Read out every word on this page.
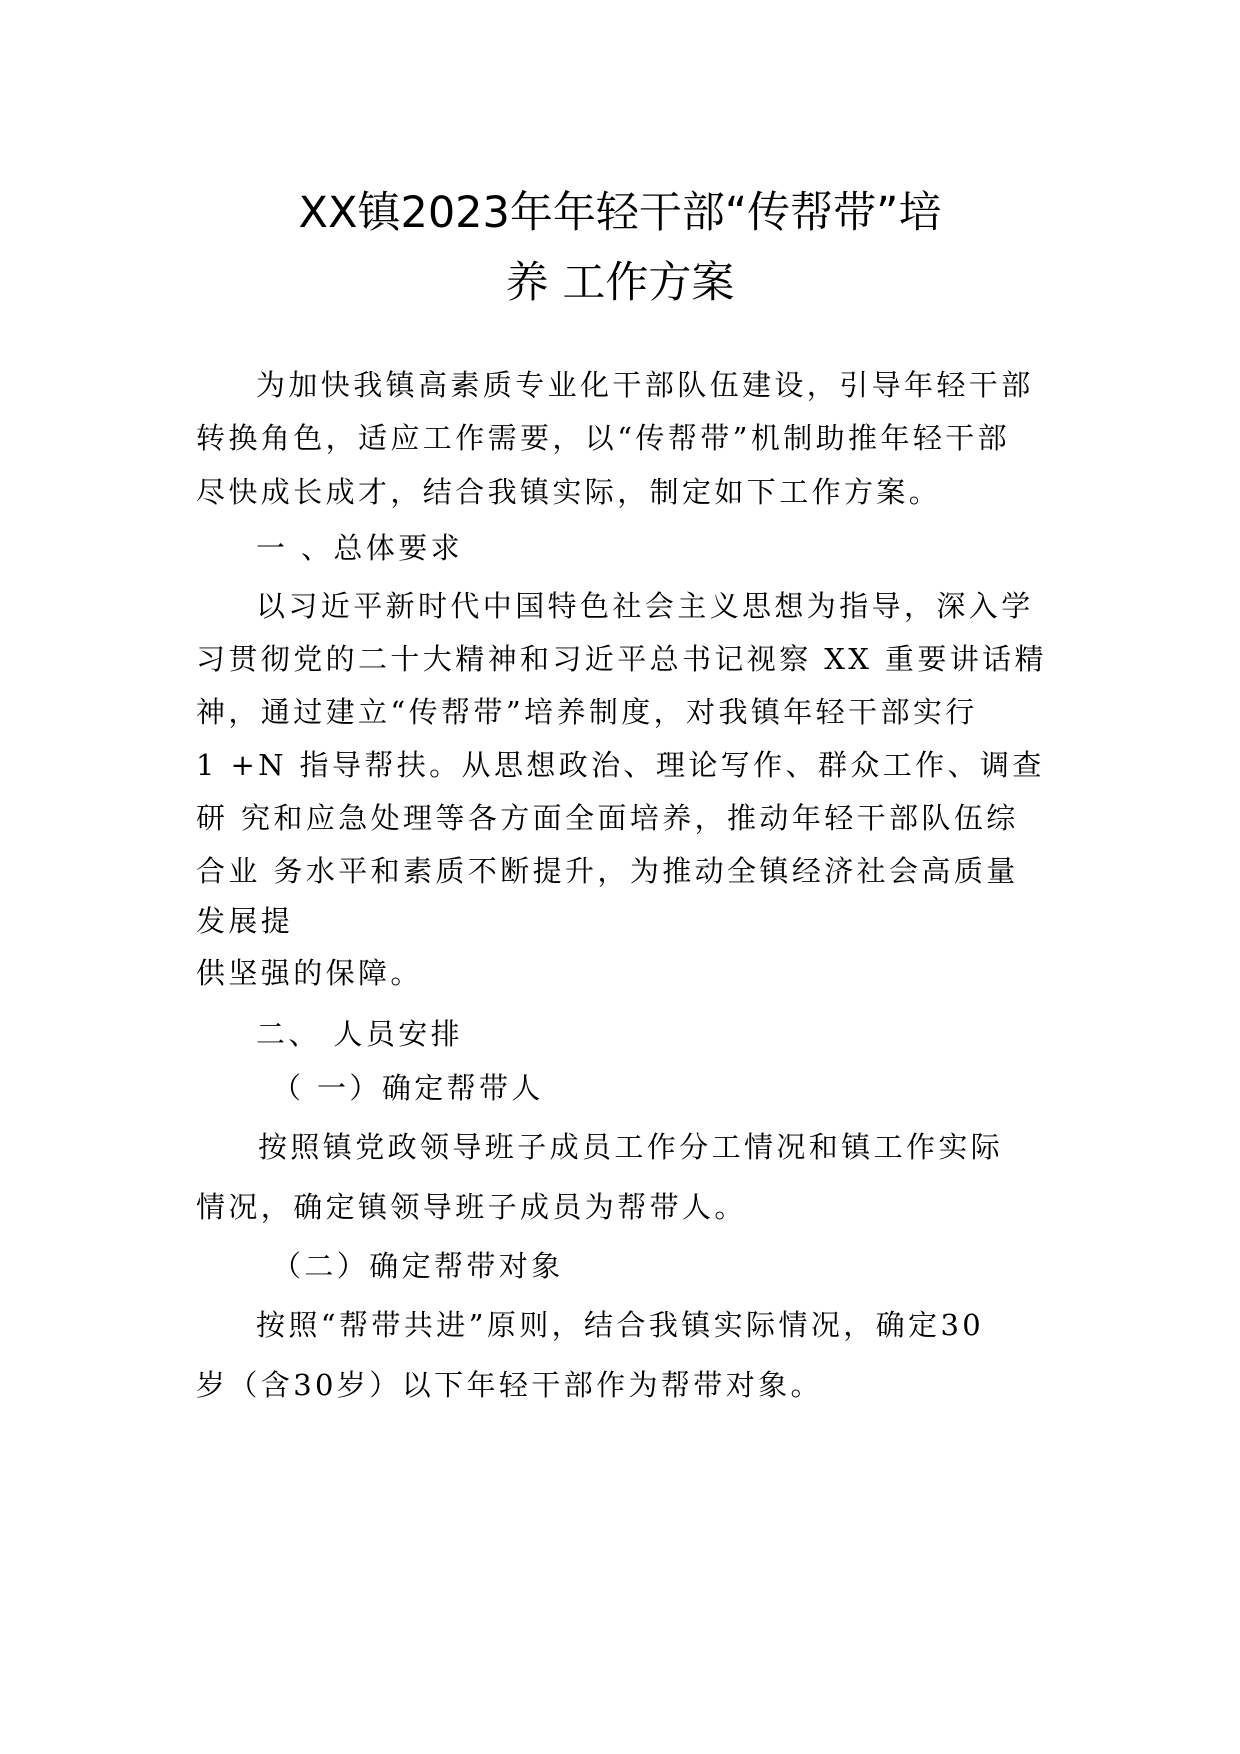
XX镇2023年年轻干部“传帮带”培
养 工作方案

为加快我镇高素质专业化干部队伍建设，引导年轻干部

转换角色，适应工作需要，以“传帮带”机制助推年轻干部

尽快成长成才，结合我镇实际，制定如下工作方案。

一 、总体要求

以习近平新时代中国特色社会主义思想为指导，深入学

习贯彻党的二十大精神和习近平总书记视察 XX 重要讲话精

神，通过建立“传帮带”培养制度，对我镇年轻干部实行

1 +N 指导帮扶。从思想政治、理论写作、群众工作、调查

研 究和应急处理等各方面全面培养，推动年轻干部队伍综

合业 务水平和素质不断提升，为推动全镇经济社会高质量

发展提

供坚强的保障。

二、 人员安排

（ 一）确定帮带人

按照镇党政领导班子成员工作分工情况和镇工作实际

情况，确定镇领导班子成员为帮带人。

（二）确定帮带对象

按照“帮带共进”原则，结合我镇实际情况，确定30

岁（含30岁）以下年轻干部作为帮带对象。
